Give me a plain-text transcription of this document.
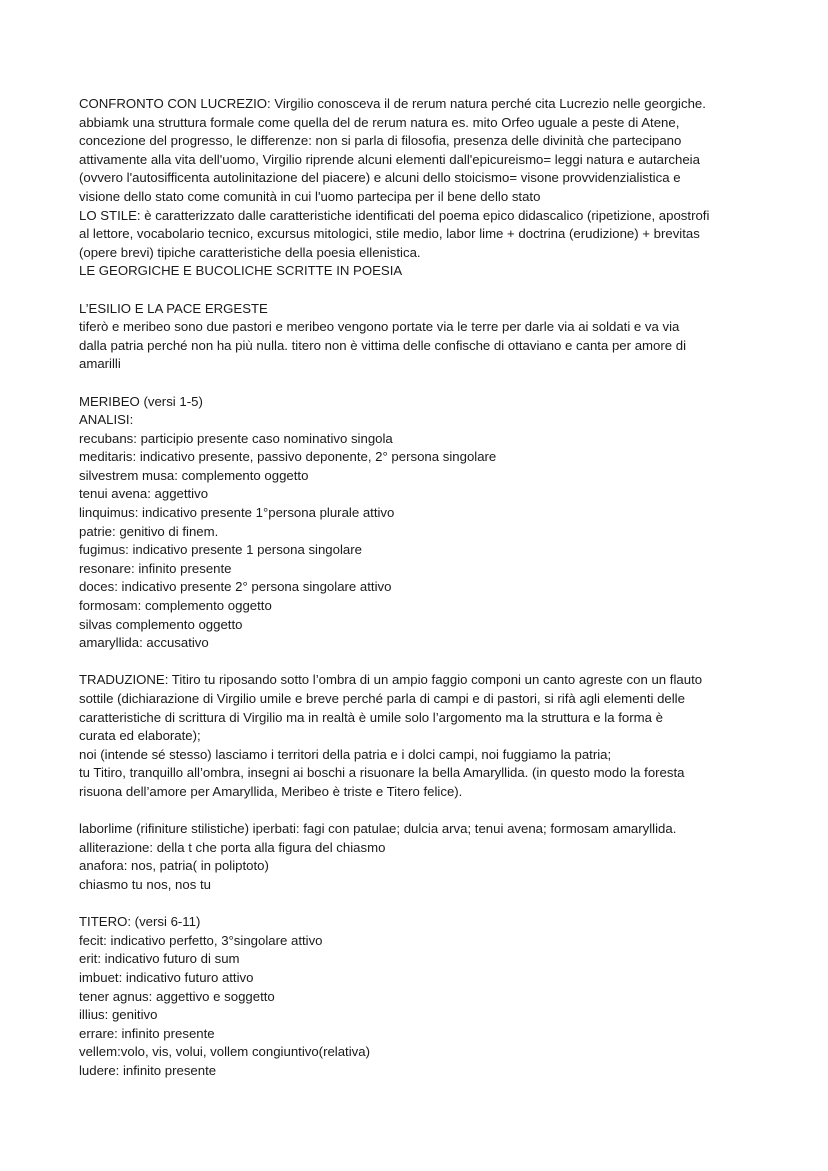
CONFRONTO CON LUCREZIO: Virgilio conosceva il de rerum natura perché cita Lucrezio nelle georgiche.
abbiamk una struttura formale come quella del de rerum natura es. mito Orfeo uguale a peste di Atene,
concezione del progresso, le differenze: non si parla di filosofia, presenza delle divinità che partecipano
attivamente alla vita dell'uomo, Virgilio riprende alcuni elementi dall'epicureismo= leggi natura e autarcheia
(ovvero l'autosifficenta autolinitazione del piacere) e alcuni dello stoicismo= visone provvidenzialistica e
visione dello stato come comunità in cui l'uomo partecipa per il bene dello stato
LO STILE: è caratterizzato dalle caratteristiche identificati del poema epico didascalico (ripetizione, apostrofi
al lettore, vocabolario tecnico, excursus mitologici, stile medio, labor lime + doctrina (erudizione) + brevitas
(opere brevi) tipiche caratteristiche della poesia ellenistica.
LE GEORGICHE E BUCOLICHE SCRITTE IN POESIA
L’ESILIO E LA PACE ERGESTE
tiferò e meribeo sono due pastori e meribeo vengono portate via le terre per darle via ai soldati e va via
dalla patria perché non ha più nulla. titero non è vittima delle confische di ottaviano e canta per amore di
amarilli
MERIBEO (versi 1-5)
ANALISI:
recubans: participio presente caso nominativo singola
meditaris: indicativo presente, passivo deponente, 2° persona singolare
silvestrem musa: complemento oggetto
tenui avena: aggettivo
linquimus: indicativo presente 1°persona plurale attivo
patrie: genitivo di finem.
fugimus: indicativo presente 1 persona singolare
resonare: infinito presente
doces: indicativo presente 2° persona singolare attivo
formosam: complemento oggetto
silvas complemento oggetto
amaryllida: accusativo
TRADUZIONE: Titiro tu riposando sotto l’ombra di un ampio faggio componi un canto agreste con un flauto
sottile (dichiarazione di Virgilio umile e breve perché parla di campi e di pastori, si rifà agli elementi delle
caratteristiche di scrittura di Virgilio ma in realtà è umile solo l’argomento ma la struttura e la forma è
curata ed elaborate);
noi (intende sé stesso) lasciamo i territori della patria e i dolci campi, noi fuggiamo la patria;
tu Titiro, tranquillo all’ombra, insegni ai boschi a risuonare la bella Amaryllida. (in questo modo la foresta
risuona dell’amore per Amaryllida, Meribeo è triste e Titero felice).
laborlime (rifiniture stilistiche) iperbati: fagi con patulae; dulcia arva; tenui avena; formosam amaryllida.
alliterazione: della t che porta alla figura del chiasmo
anafora: nos, patria( in poliptoto)
chiasmo tu nos, nos tu
TITERO: (versi 6-11)
fecit: indicativo perfetto, 3°singolare attivo
erit: indicativo futuro di sum
imbuet: indicativo futuro attivo
tener agnus: aggettivo e soggetto
illius: genitivo
errare: infinito presente
vellem:volo, vis, volui, vollem congiuntivo(relativa)
ludere: infinito presente
